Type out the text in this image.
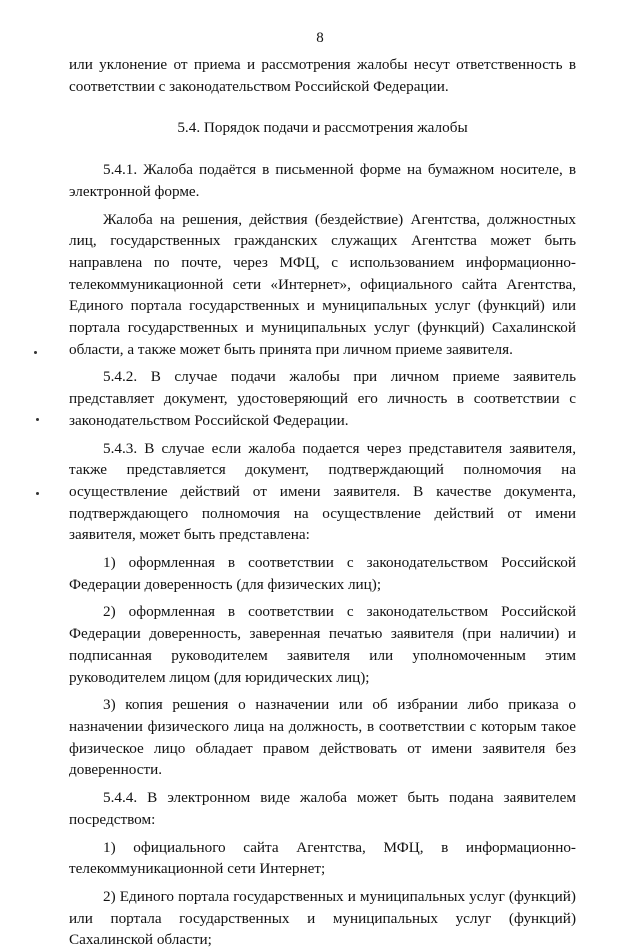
8

или уклонение от приема и рассмотрения жалобы несут ответственность в соответствии с законодательством Российской Федерации.

5.4. Порядок подачи и рассмотрения жалобы

5.4.1. Жалоба подаётся в письменной форме на бумажном носителе, в электронной форме.

Жалоба на решения, действия (бездействие) Агентства, должностных лиц, государственных гражданских служащих Агентства может быть направлена по почте, через МФЦ, с использованием информационно-телекоммуникационной сети «Интернет», официального сайта Агентства, Единого портала государственных и муниципальных услуг (функций) или портала государственных и муниципальных услуг (функций) Сахалинской области, а также может быть принята при личном приеме заявителя.

5.4.2. В случае подачи жалобы при личном приеме заявитель представляет документ, удостоверяющий его личность в соответствии с законодательством Российской Федерации.

5.4.3. В случае если жалоба подается через представителя заявителя, также представляется документ, подтверждающий полномочия на осуществление действий от имени заявителя. В качестве документа, подтверждающего полномочия на осуществление действий от имени заявителя, может быть представлена:

1) оформленная в соответствии с законодательством Российской Федерации доверенность (для физических лиц);

2) оформленная в соответствии с законодательством Российской Федерации доверенность, заверенная печатью заявителя (при наличии) и подписанная руководителем заявителя или уполномоченным этим руководителем лицом (для юридических лиц);

3) копия решения о назначении или об избрании либо приказа о назначении физического лица на должность, в соответствии с которым такое физическое лицо обладает правом действовать от имени заявителя без доверенности.

5.4.4. В электронном виде жалоба может быть подана заявителем посредством:

1) официального сайта Агентства, МФЦ, в информационно-телекоммуникационной сети Интернет;

2) Единого портала государственных и муниципальных услуг (функций) или портала государственных и муниципальных услуг (функций) Сахалинской области;
